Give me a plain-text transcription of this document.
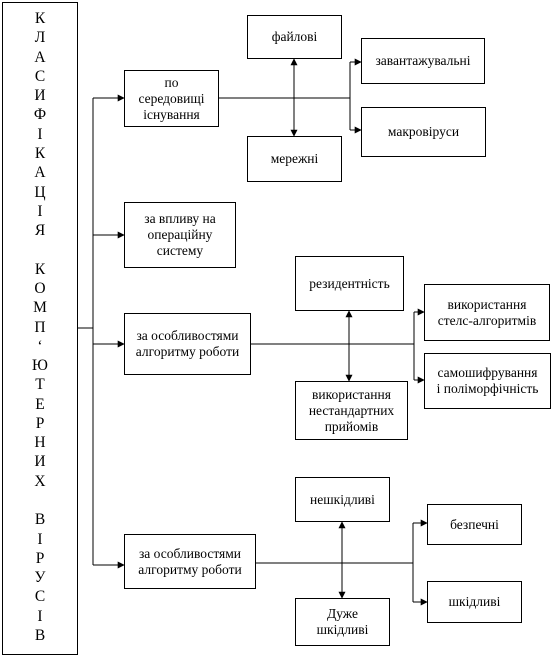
К
Л
А
С
И
Ф
І
К
А
Ц
І
Я
К
О
М
П
‘
Ю
Т
Е
Р
Н
И
Х
В
І
Р
У
С
І
В
по
середовищі
існування
за впливу на
операційну
систему
за особливостями
алгоритму роботи
за особливостями
алгоритму роботи
файлові
мережні
завантажувальні
макровіруси
резидентність
використання
нестандартних
прийомів
використання
стелс-алгоритмів
самошифрування
і поліморфічність
нешкідливі
Дуже
шкідливі
безпечні
шкідливі
